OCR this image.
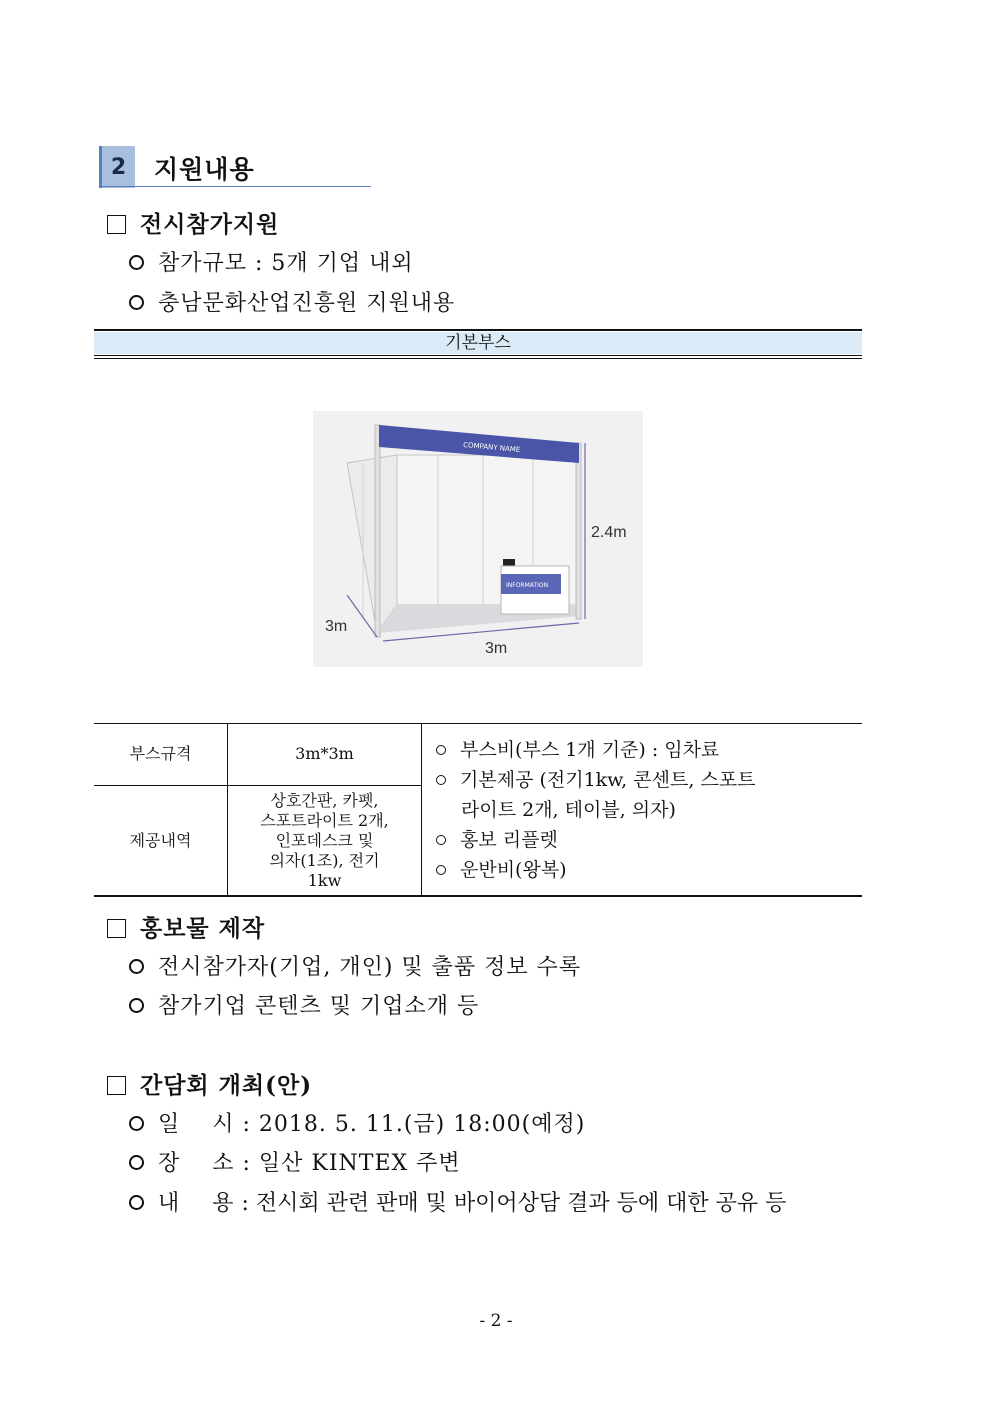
2	지원내용
전시참가지원
참가규모 : 5개 기업 내외
충남문화산업진흥원 지원내용
기본부스
COMPANY NAME
INFORMATION
2.4m
3m
3m
부스규격	3m*3m
제공내역
상호간판, 카펫,
스포트라이트 2개,
인포데스크 및
의자(1조), 전기
1kw
부스비(부스 1개 기준) : 임차료
기본제공 (전기1kw, 콘센트, 스포트
라이트 2개, 테이블, 의자)
홍보 리플렛
운반비(왕복)
홍보물 제작
전시참가자(기업, 개인) 및 출품 정보 수록
참가기업 콘텐츠 및 기업소개 등
간담회 개최(안)
일    시 : 2018. 5. 11.(금) 18:00(예정)
장    소 : 일산 KINTEX 주변
내    용 : 전시회 관련 판매 및 바이어상담 결과 등에 대한 공유 등
- 2 -
